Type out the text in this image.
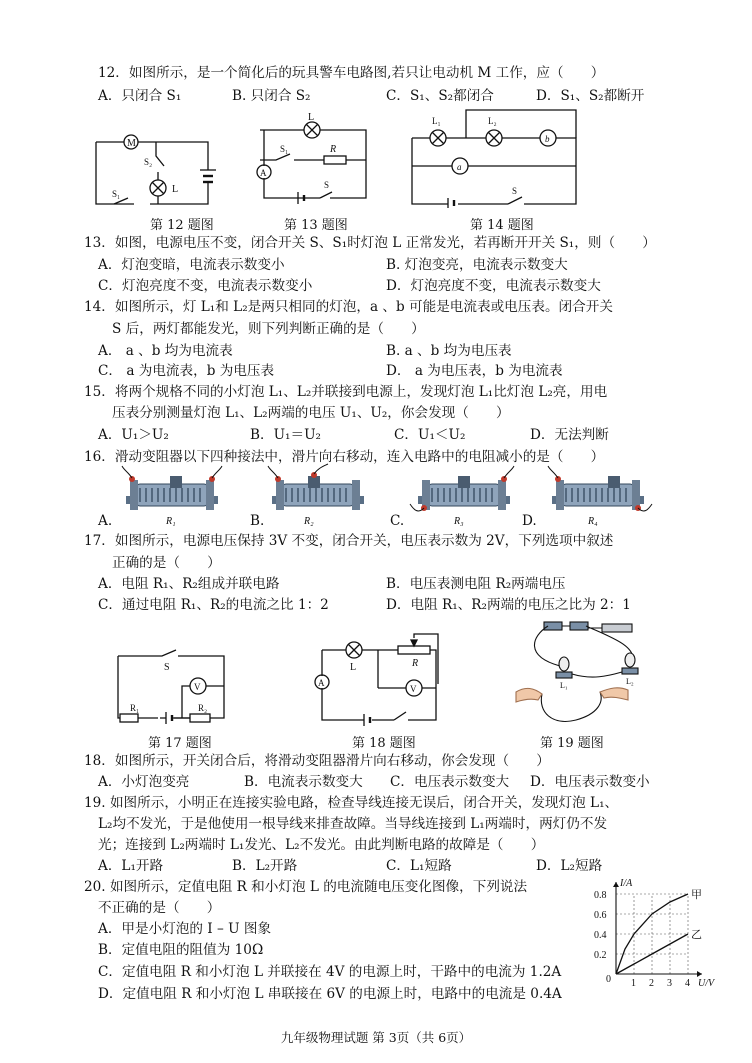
12．如图所示，是一个简化后的玩具警车电路图,若只让电动机 M 工作，应（　　）
A．只闭合 S₁	B. 只闭合 S₂	C．S₁、S₂都闭合	D．S₁、S₂都断开
M
S₂
L
S₁
L
R
S₁
A
S
L₁	L₂
b
a
S
第 12 题图	第 13 题图	第 14 题图
13．如图，电源电压不变，闭合开关 S、S₁时灯泡 L 正常发光，若再断开开关 S₁，则（　　）
A．灯泡变暗，电流表示数变小	B. 灯泡变亮，电流表示数变大
C．灯泡亮度不变，电流表示数变小	D．灯泡亮度不变，电流表示数变大
14．如图所示，灯 L₁和 L₂是两只相同的灯泡，a 、b 可能是电流表或电压表。闭合开关
S 后，两灯都能发光，则下列判断正确的是（　　）
A． a 、b 均为电流表	B. a 、b 均为电压表
C． a 为电流表，b 为电压表	D． a 为电压表，b 为电流表
15．将两个规格不同的小灯泡 L₁、L₂并联接到电源上，发现灯泡 L₁比灯泡 L₂亮，用电
压表分别测量灯泡 L₁、L₂两端的电压 U₁、U₂，你会发现（　　）
A．U₁＞U₂	B．U₁＝U₂	C．U₁＜U₂	D．无法判断
16．滑动变阻器以下四种接法中，滑片向右移动，连入电路中的电阻减小的是（　　）
A.	R₁	B.	R₂	C.	R₃	D.	R₄
17．如图所示，电源电压保持 3V 不变，闭合开关，电压表示数为 2V，下列选项中叙述
正确的是（　　）
A．电阻 R₁、R₂组成并联电路	B．电压表测电阻 R₂两端电压
C．通过电阻 R₁、R₂的电流之比 1：2	D．电阻 R₁、R₂两端的电压之比为 2：1
S
R₁	R₂
V
L	R
A
V	L₁	L₂
第 17 题图	第 18 题图	第 19 题图
18．如图所示，开关闭合后，将滑动变阻器滑片向右移动，你会发现（　　）
A．小灯泡变亮	B．电流表示数变大 C．电压表示数变大 D．电压表示数变小
19. 如图所示，小明正在连接实验电路，检查导线连接无误后，闭合开关，发现灯泡 L₁、
L₂均不发光，于是他使用一根导线来排查故障。当导线连接到 L₁两端时，两灯仍不发
光；连接到 L₂两端时 L₁发光、L₂不发光。由此判断电路的故障是（　　）
A．L₁开路	B．L₂开路	C．L₁短路	D．L₂短路
20. 如图所示，定值电阻 R 和小灯泡 L 的电流随电压变化图像，下列说法
不正确的是（　　）
A．甲是小灯泡的 I – U 图象
B．定值电阻的阻值为 10Ω
C．定值电阻 R 和小灯泡 L 并联接在 4V 的电源上时，干路中的电流为 1.2A
D．定值电阻 R 和小灯泡 L 串联接在 6V 的电源上时，电路中的电流是 0.4A
I/A
U/V
1 2 3 4
0.2
0.4
0.6
0.8
0
甲
乙
九年级物理试题 第 3页（共 6页）
